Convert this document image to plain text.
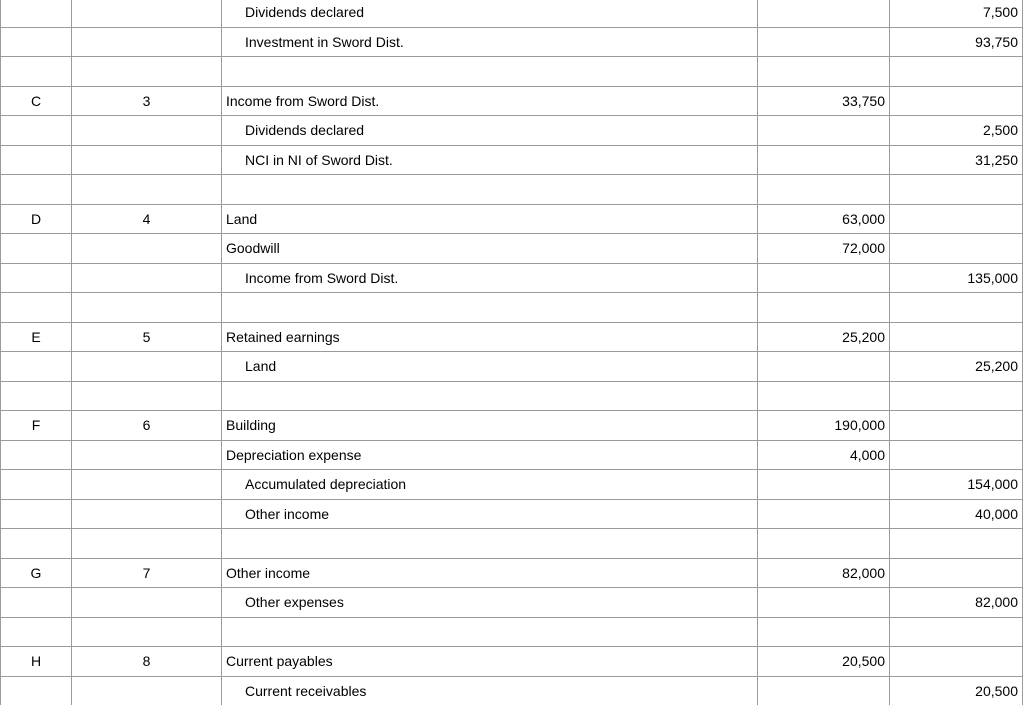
		Dividends declared		7,500
		Investment in Sword Dist.		93,750

C	3	Income from Sword Dist.	33,750	
		Dividends declared		2,500
		NCI in NI of Sword Dist.		31,250

D	4	Land	63,000	
		Goodwill	72,000	
		Income from Sword Dist.		135,000

E	5	Retained earnings	25,200	
		Land		25,200

F	6	Building	190,000	
		Depreciation expense	4,000	
		Accumulated depreciation		154,000
		Other income		40,000

G	7	Other income	82,000	
		Other expenses		82,000

H	8	Current payables	20,500	
		Current receivables		20,500
